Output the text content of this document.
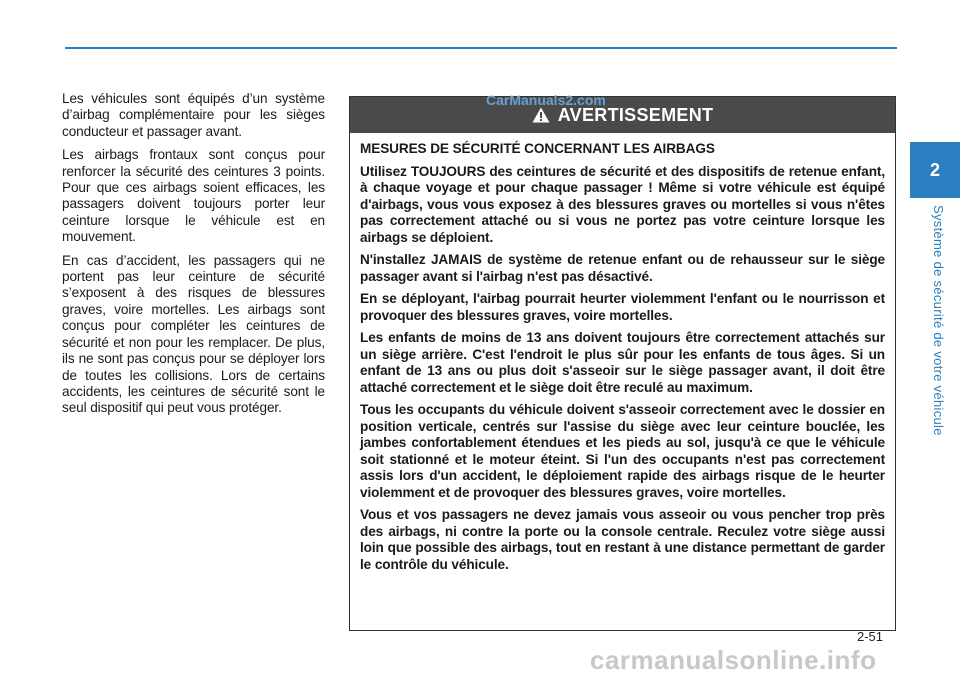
Les véhicules sont équipés d’un système d’airbag complémentaire pour les sièges conducteur et passager avant.

Les airbags frontaux sont conçus pour renforcer la sécurité des ceintures 3 points. Pour que ces airbags soient efficaces, les passagers doivent toujours porter leur ceinture lorsque le véhicule est en mouvement.

En cas d’accident, les passagers qui ne portent pas leur ceinture de sécurité s’exposent à des risques de blessures graves, voire mortelles. Les airbags sont conçus pour compléter les ceintures de sécurité et non pour les remplacer. De plus, ils ne sont pas conçus pour se déployer lors de toutes les collisions. Lors de certains accidents, les ceintures de sécurité sont le seul dispositif qui peut vous protéger.

AVERTISSEMENT

MESURES DE SÉCURITÉ CONCERNANT LES AIRBAGS

Utilisez TOUJOURS des ceintures de sécurité et des dispositifs de retenue enfant, à chaque voyage et pour chaque passager ! Même si votre véhicule est équipé d'airbags, vous vous exposez à des blessures graves ou mortelles si vous n'êtes pas correctement attaché ou si vous ne portez pas votre ceinture lorsque les airbags se déploient.

N'installez JAMAIS de système de retenue enfant ou de rehausseur sur le siège passager avant si l'airbag n'est pas désactivé.

En se déployant, l'airbag pourrait heurter violemment l'enfant ou le nourrisson et provoquer des blessures graves, voire mortelles.

Les enfants de moins de 13 ans doivent toujours être correctement attachés sur un siège arrière. C'est l'endroit le plus sûr pour les enfants de tous âges. Si un enfant de 13 ans ou plus doit s'asseoir sur le siège passager avant, il doit être attaché correctement et le siège doit être reculé au maximum.

Tous les occupants du véhicule doivent s'asseoir correctement avec le dossier en position verticale, centrés sur l'assise du siège avec leur ceinture bouclée, les jambes confortablement étendues et les pieds au sol, jusqu'à ce que le véhicule soit stationné et le moteur éteint. Si l'un des occupants n'est pas correctement assis lors d'un accident, le déploiement rapide des airbags risque de le heurter violemment et de provoquer des blessures graves, voire mortelles.

Vous et vos passagers ne devez jamais vous asseoir ou vous pencher trop près des airbags, ni contre la porte ou la console centrale. Reculez votre siège aussi loin que possible des airbags, tout en restant à une distance permettant de garder le contrôle du véhicule.

CarManuals2.com
2
Système de sécurité de votre véhicule
2-51
carmanualsonline.info
